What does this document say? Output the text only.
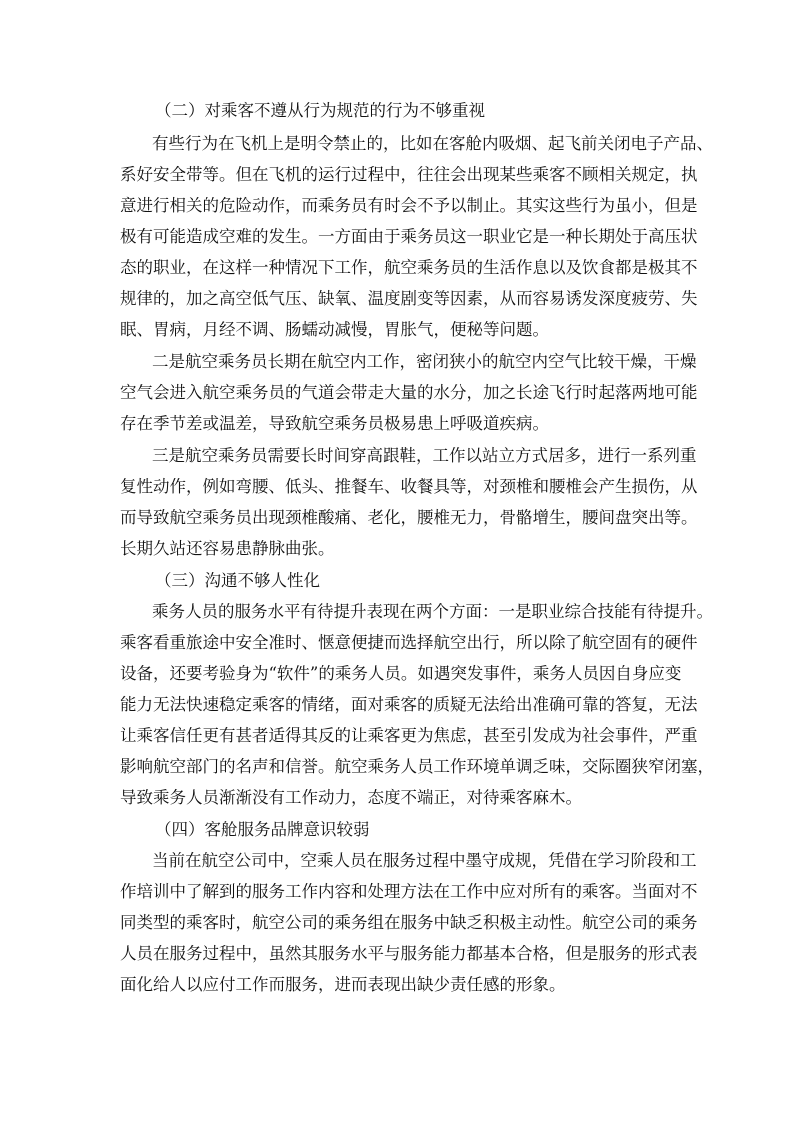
（二）对乘客不遵从行为规范的行为不够重视
有些行为在飞机上是明令禁止的，比如在客舱内吸烟、起飞前关闭电子产品、
系好安全带等。但在飞机的运行过程中，往往会出现某些乘客不顾相关规定，执
意进行相关的危险动作，而乘务员有时会不予以制止。其实这些行为虽小，但是
极有可能造成空难的发生。一方面由于乘务员这一职业它是一种长期处于高压状
态的职业，在这样一种情况下工作，航空乘务员的生活作息以及饮食都是极其不
规律的，加之高空低气压、缺氧、温度剧变等因素，从而容易诱发深度疲劳、失
眠、胃病，月经不调、肠蠕动减慢，胃胀气，便秘等问题。
二是航空乘务员长期在航空内工作，密闭狭小的航空内空气比较干燥，干燥
空气会进入航空乘务员的气道会带走大量的水分，加之长途飞行时起落两地可能
存在季节差或温差，导致航空乘务员极易患上呼吸道疾病。
三是航空乘务员需要长时间穿高跟鞋，工作以站立方式居多，进行一系列重
复性动作，例如弯腰、低头、推餐车、收餐具等，对颈椎和腰椎会产生损伤，从
而导致航空乘务员出现颈椎酸痛、老化，腰椎无力，骨骼增生，腰间盘突出等。
长期久站还容易患静脉曲张。
（三）沟通不够人性化
乘务人员的服务水平有待提升表现在两个方面：一是职业综合技能有待提升。
乘客看重旅途中安全准时、惬意便捷而选择航空出行，所以除了航空固有的硬件
设备，还要考验身为“软件”的乘务人员。如遇突发事件，乘务人员因自身应变
能力无法快速稳定乘客的情绪，面对乘客的质疑无法给出准确可靠的答复，无法
让乘客信任更有甚者适得其反的让乘客更为焦虑，甚至引发成为社会事件，严重
影响航空部门的名声和信誉。航空乘务人员工作环境单调乏味，交际圈狭窄闭塞，
导致乘务人员渐渐没有工作动力，态度不端正，对待乘客麻木。
（四）客舱服务品牌意识较弱
当前在航空公司中，空乘人员在服务过程中墨守成规，凭借在学习阶段和工
作培训中了解到的服务工作内容和处理方法在工作中应对所有的乘客。当面对不
同类型的乘客时，航空公司的乘务组在服务中缺乏积极主动性。航空公司的乘务
人员在服务过程中，虽然其服务水平与服务能力都基本合格，但是服务的形式表
面化给人以应付工作而服务，进而表现出缺少责任感的形象。
